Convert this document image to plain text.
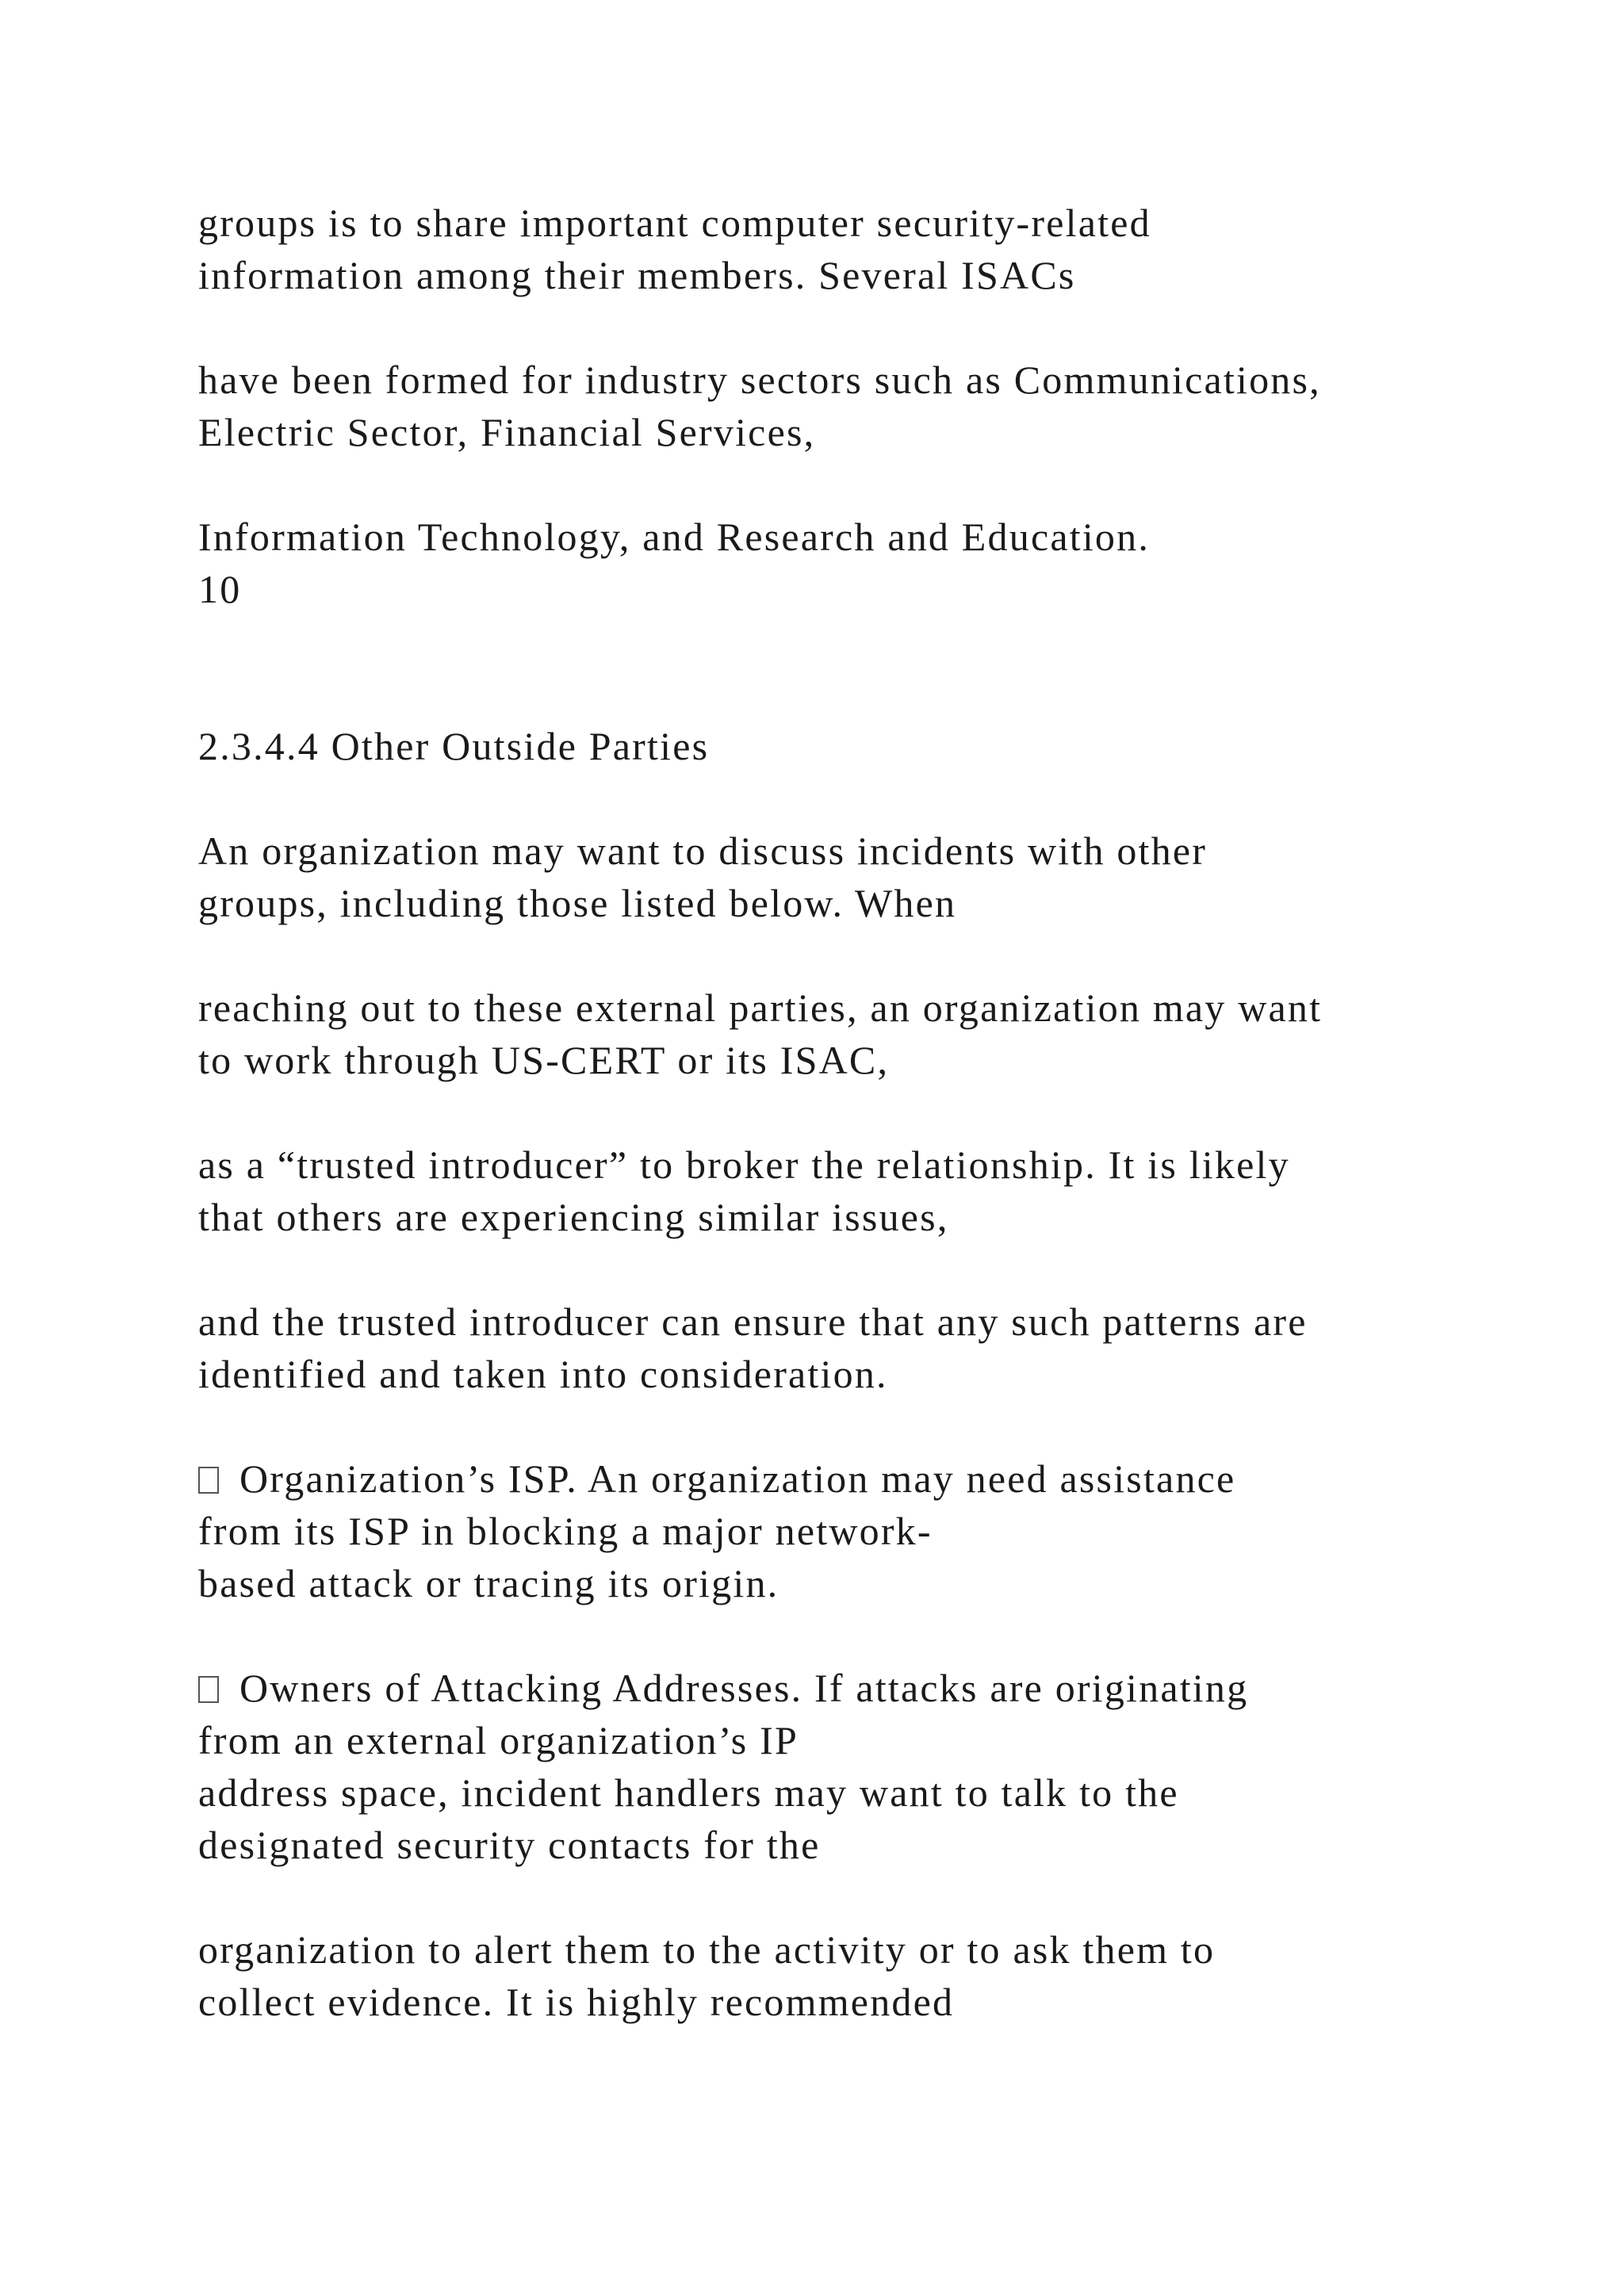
groups is to share important computer security-related
information among their members. Several ISACs
have been formed for industry sectors such as Communications,
Electric Sector, Financial Services,
Information Technology, and Research and Education.
10
2.3.4.4 Other Outside Parties
An organization may want to discuss incidents with other
groups, including those listed below. When
reaching out to these external parties, an organization may want
to work through US-CERT or its ISAC,
as a “trusted introducer” to broker the relationship. It is likely
that others are experiencing similar issues,
and the trusted introducer can ensure that any such patterns are
identified and taken into consideration.
Organization’s ISP. An organization may need assistance
from its ISP in blocking a major network-
based attack or tracing its origin.
Owners of Attacking Addresses. If attacks are originating
from an external organization’s IP
address space, incident handlers may want to talk to the
designated security contacts for the
organization to alert them to the activity or to ask them to
collect evidence. It is highly recommended
